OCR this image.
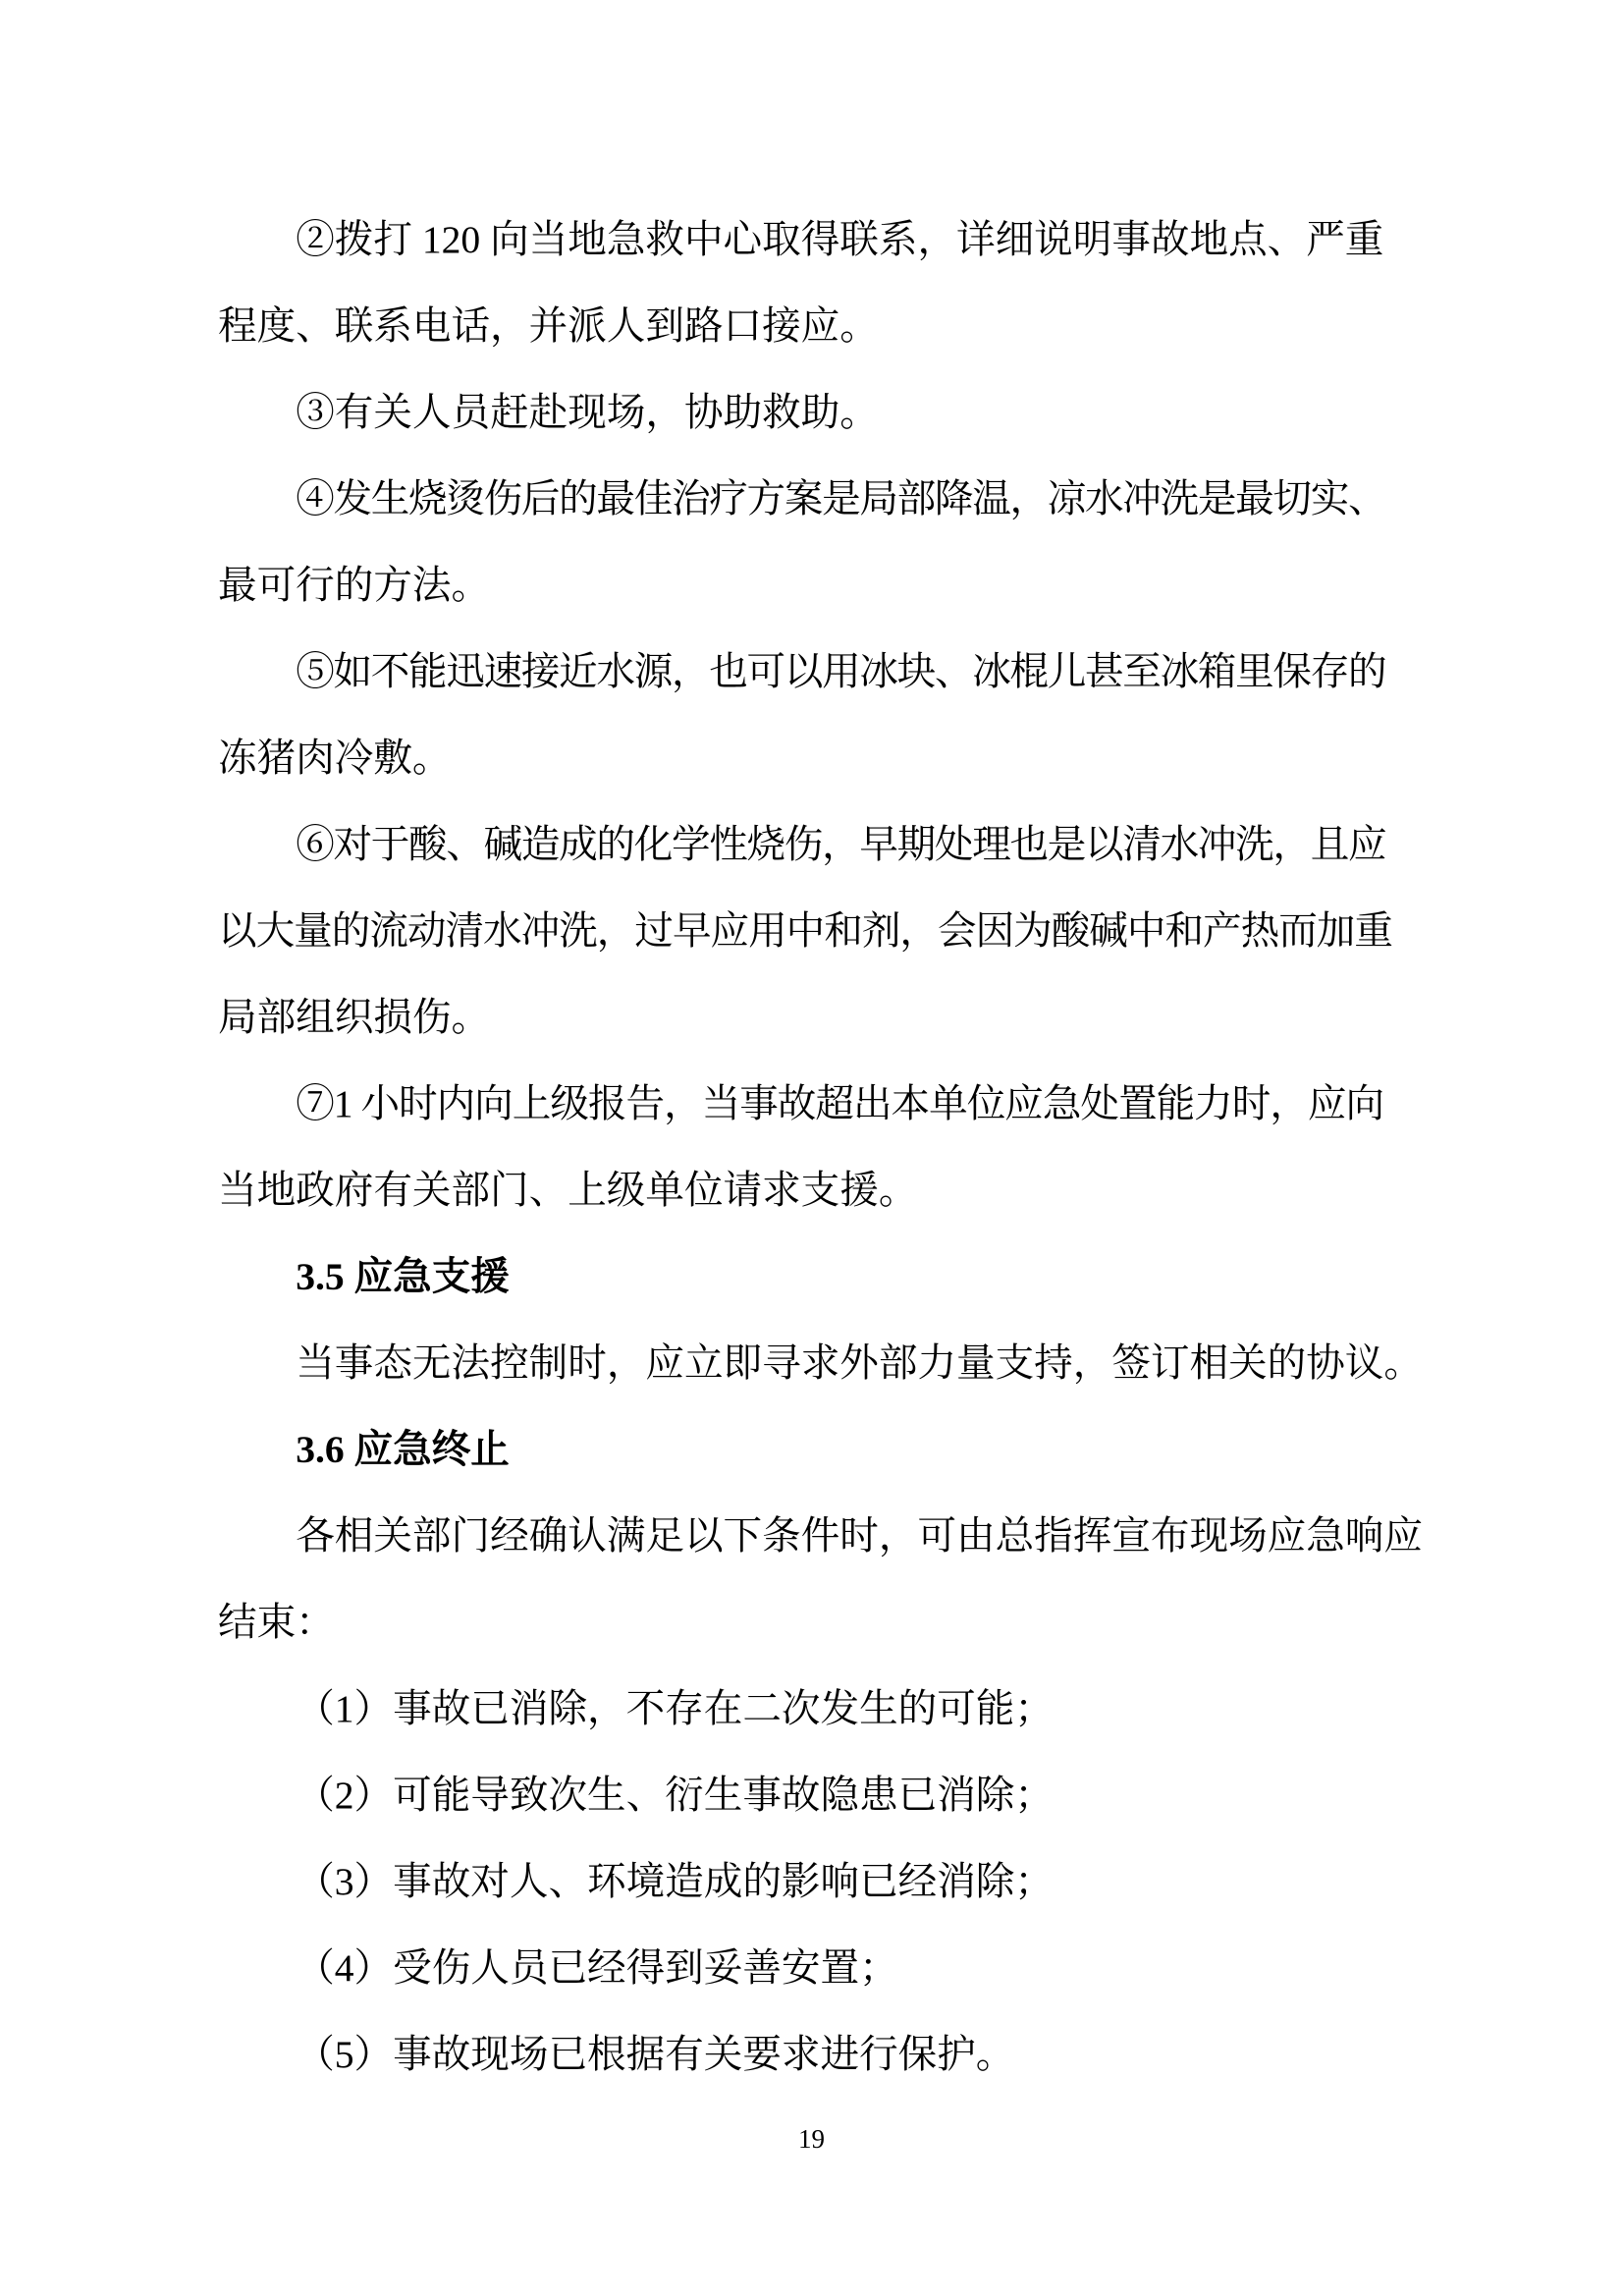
②拨打 120 向当地急救中心取得联系，详细说明事故地点、严重
程度、联系电话，并派人到路口接应。
③有关人员赶赴现场，协助救助。
④发生烧烫伤后的最佳治疗方案是局部降温，凉水冲洗是最切实、
最可行的方法。
⑤如不能迅速接近水源，也可以用冰块、冰棍儿甚至冰箱里保存的
冻猪肉冷敷。
⑥对于酸、碱造成的化学性烧伤，早期处理也是以清水冲洗，且应
以大量的流动清水冲洗，过早应用中和剂，会因为酸碱中和产热而加重
局部组织损伤。
⑦1 小时内向上级报告，当事故超出本单位应急处置能力时，应向
当地政府有关部门、上级单位请求支援。
3.5 应急支援
当事态无法控制时，应立即寻求外部力量支持，签订相关的协议。
3.6 应急终止
各相关部门经确认满足以下条件时，可由总指挥宣布现场应急响应
结束：
（1）事故已消除，不存在二次发生的可能；
（2）可能导致次生、衍生事故隐患已消除；
（3）事故对人、环境造成的影响已经消除；
（4）受伤人员已经得到妥善安置；
（5）事故现场已根据有关要求进行保护。
19
